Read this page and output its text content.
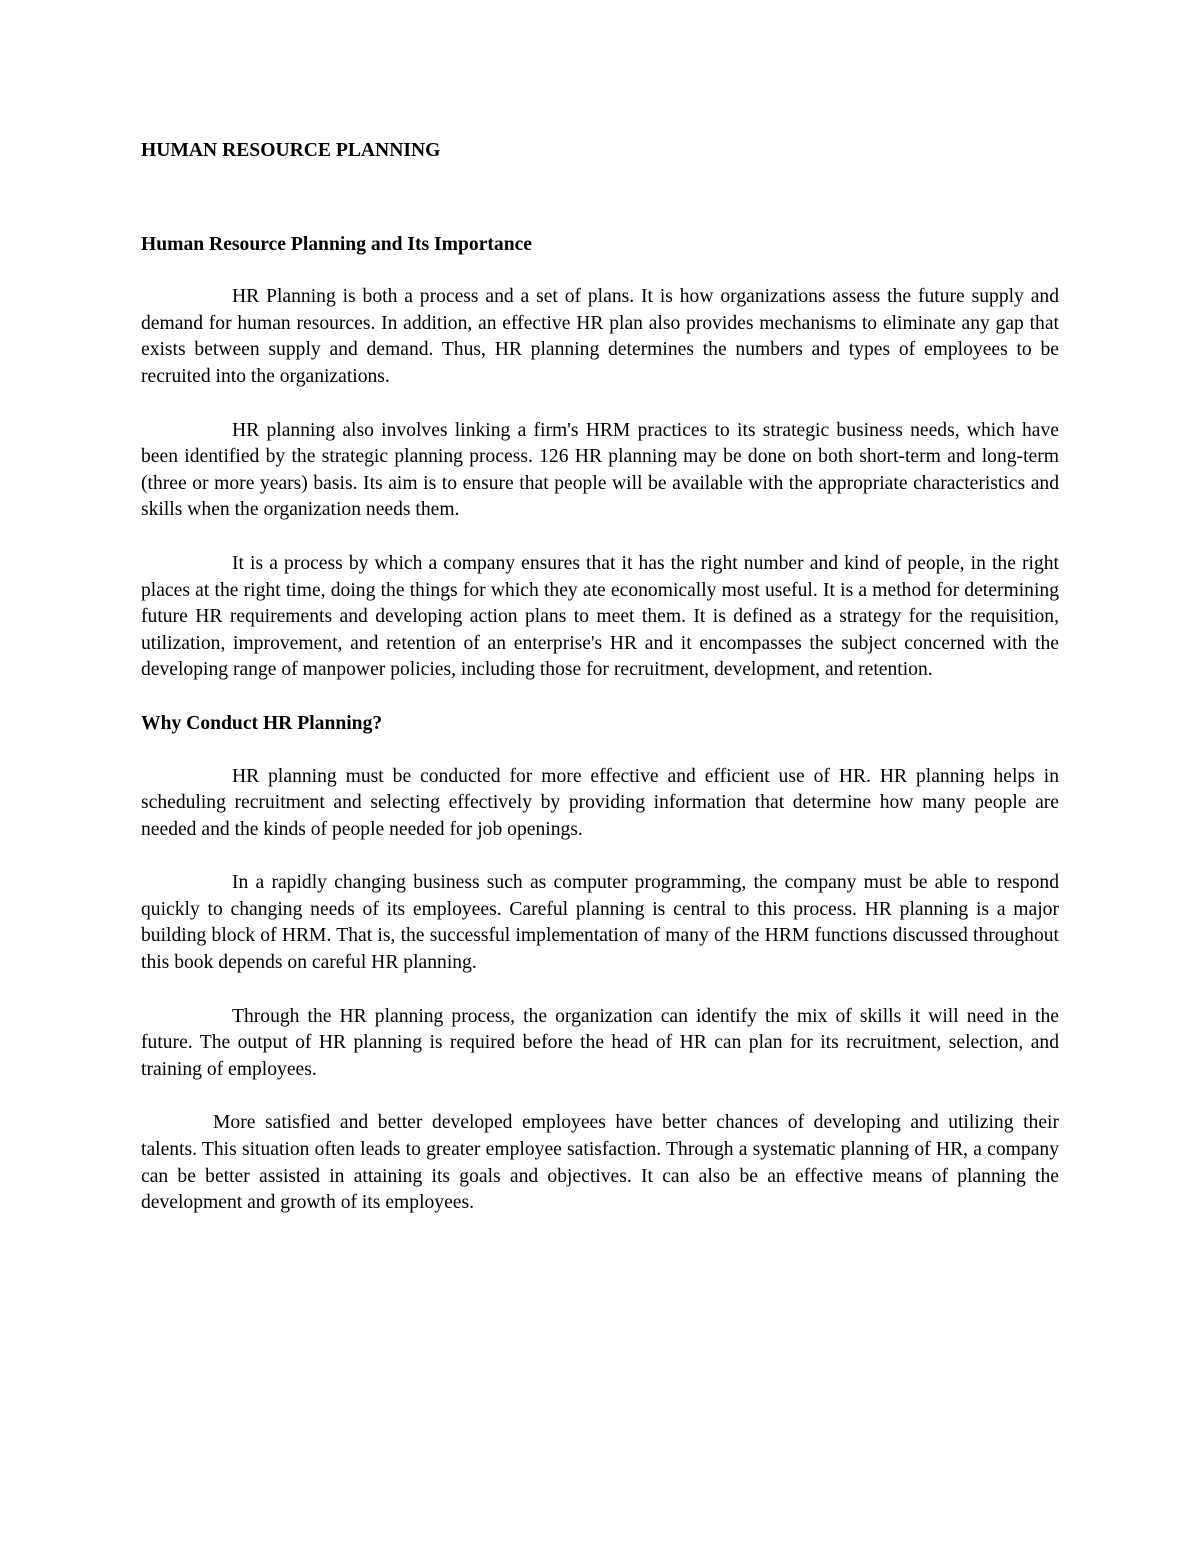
HUMAN RESOURCE PLANNING
Human Resource Planning and Its Importance

HR Planning is both a process and a set of plans. It is how organizations assess the future supply and demand for human resources. In addition, an effective HR plan also provides mechanisms to eliminate any gap that exists between supply and demand. Thus, HR planning determines the numbers and types of employees to be recruited into the organizations.

HR planning also involves linking a firm's HRM practices to its strategic business needs, which have been identified by the strategic planning process. 126 HR planning may be done on both short-term and long-term (three or more years) basis. Its aim is to ensure that people will be available with the appropriate characteristics and skills when the organization needs them.

It is a process by which a company ensures that it has the right number and kind of people, in the right places at the right time, doing the things for which they ate economically most useful. It is a method for determining future HR requirements and developing action plans to meet them. It is defined as a strategy for the requisition, utilization, improvement, and retention of an enterprise's HR and it encompasses the subject concerned with the developing range of manpower policies, including those for recruitment, development, and retention.

Why Conduct HR Planning?

HR planning must be conducted for more effective and efficient use of HR. HR planning helps in scheduling recruitment and selecting effectively by providing information that determine how many people are needed and the kinds of people needed for job openings.

In a rapidly changing business such as computer programming, the company must be able to respond quickly to changing needs of its employees. Careful planning is central to this process. HR planning is a major building block of HRM. That is, the successful implementation of many of the HRM functions discussed throughout this book depends on careful HR planning.

Through the HR planning process, the organization can identify the mix of skills it will need in the future. The output of HR planning is required before the head of HR can plan for its recruitment, selection, and training of employees.

More satisfied and better developed employees have better chances of developing and utilizing their talents. This situation often leads to greater employee satisfaction. Through a systematic planning of HR, a company can be better assisted in attaining its goals and objectives. It can also be an effective means of planning the development and growth of its employees.
